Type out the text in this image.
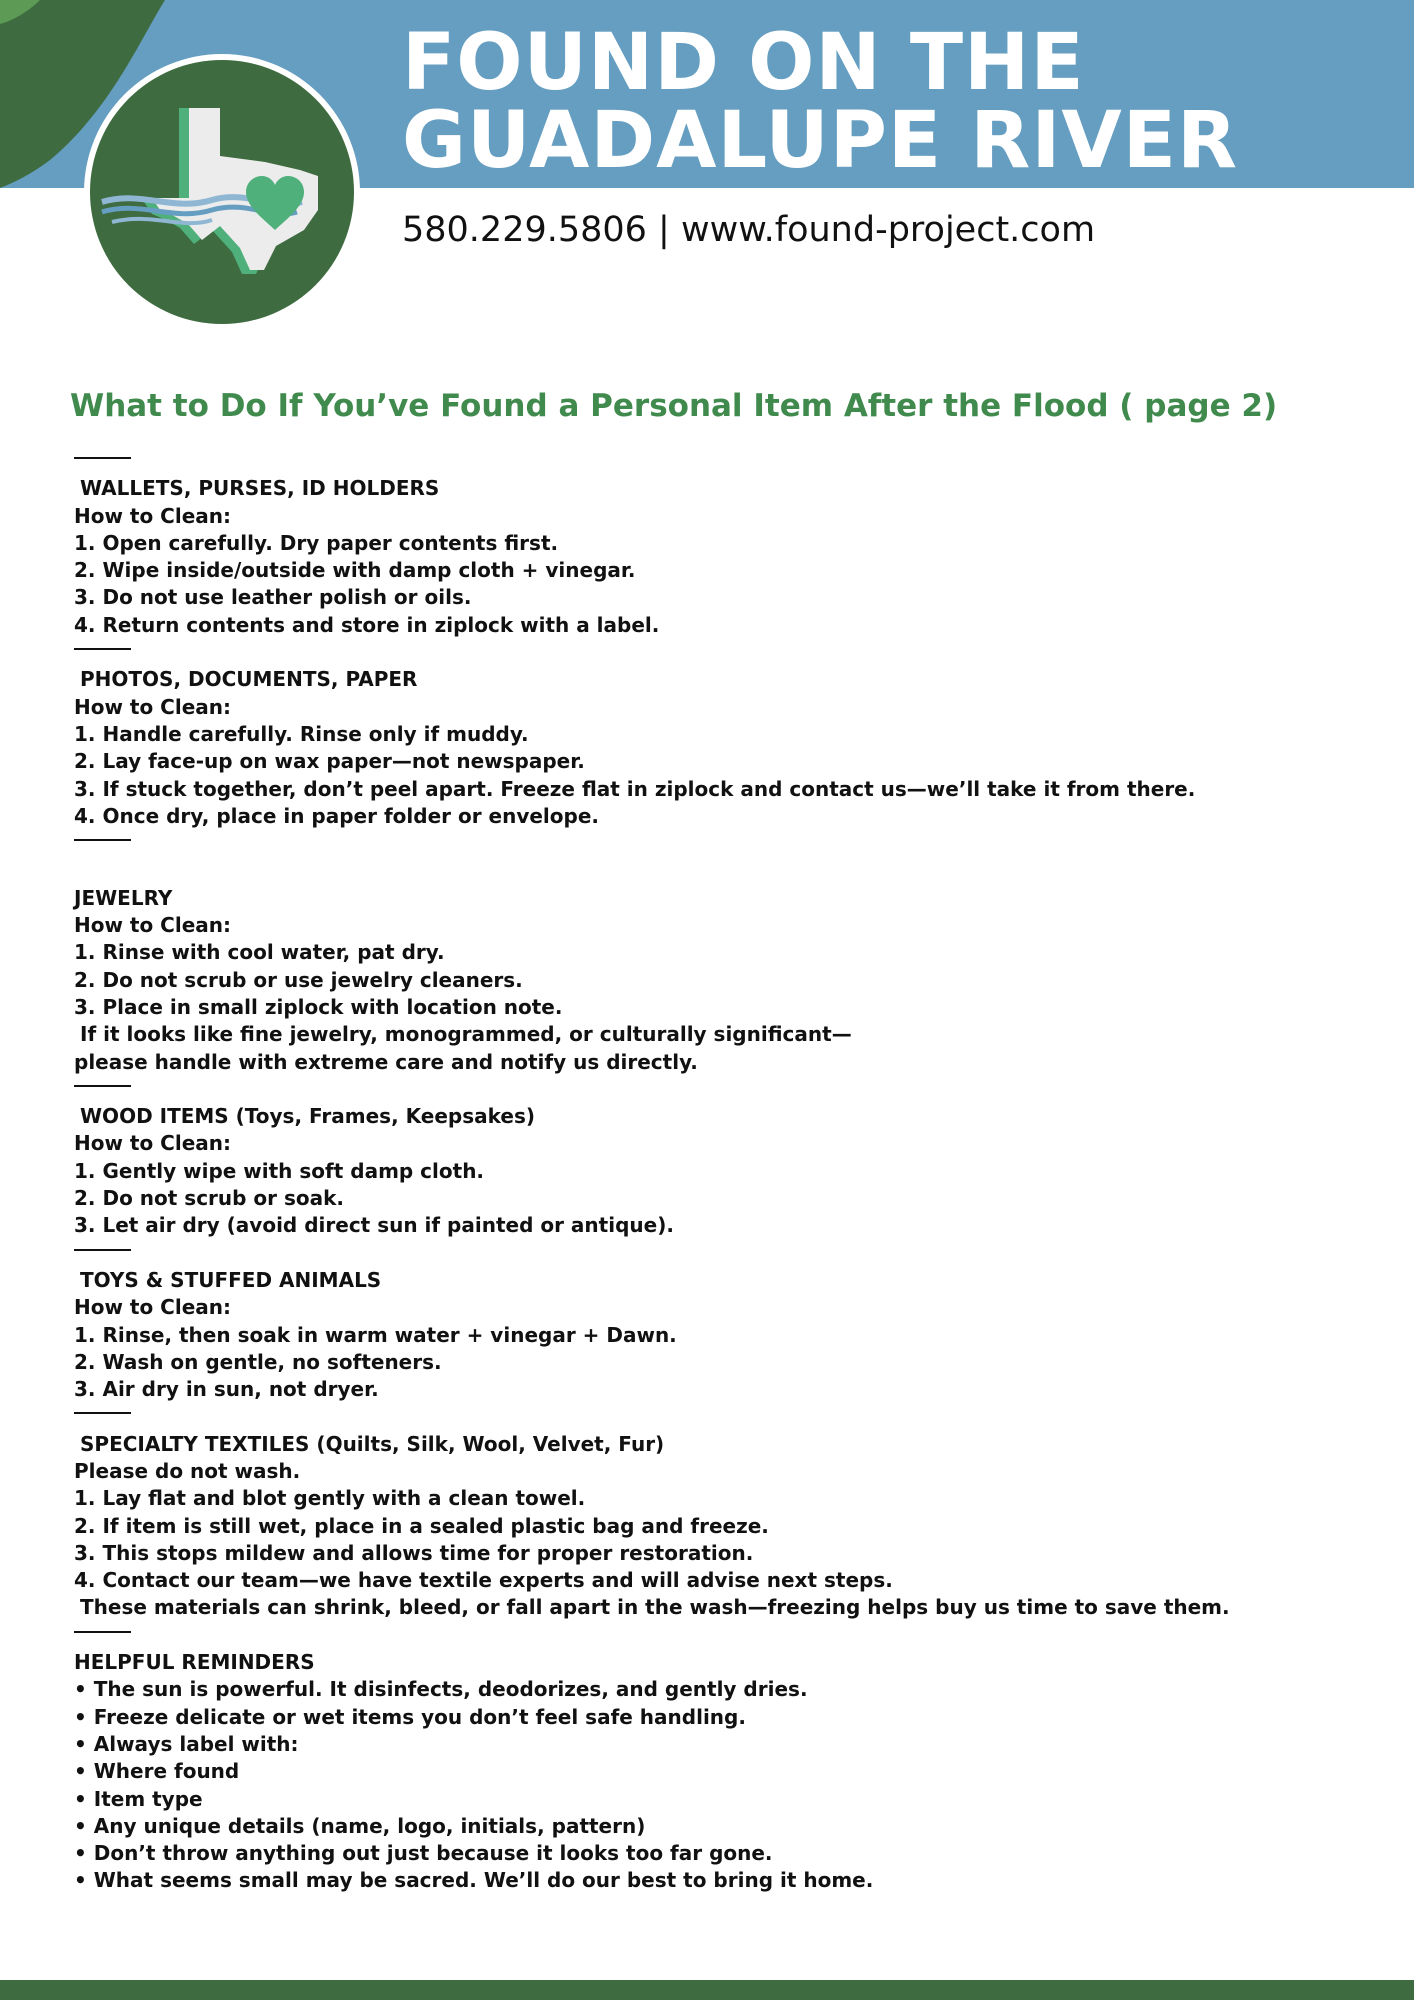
FOUND ON THE
GUADALUPE RIVER
580.229.5806 | www.found-project.com
What to Do If You’ve Found a Personal Item After the Flood ( page 2)
WALLETS, PURSES, ID HOLDERS
How to Clean:
1. Open carefully. Dry paper contents first.
2. Wipe inside/outside with damp cloth + vinegar.
3. Do not use leather polish or oils.
4. Return contents and store in ziplock with a label.
PHOTOS, DOCUMENTS, PAPER
How to Clean:
1. Handle carefully. Rinse only if muddy.
2. Lay face-up on wax paper—not newspaper.
3. If stuck together, don’t peel apart. Freeze flat in ziplock and contact us—we’ll take it from there.
4. Once dry, place in paper folder or envelope.
JEWELRY
How to Clean:
1. Rinse with cool water, pat dry.
2. Do not scrub or use jewelry cleaners.
3. Place in small ziplock with location note.
If it looks like fine jewelry, monogrammed, or culturally significant—
please handle with extreme care and notify us directly.
WOOD ITEMS (Toys, Frames, Keepsakes)
How to Clean:
1. Gently wipe with soft damp cloth.
2. Do not scrub or soak.
3. Let air dry (avoid direct sun if painted or antique).
TOYS & STUFFED ANIMALS
How to Clean:
1. Rinse, then soak in warm water + vinegar + Dawn.
2. Wash on gentle, no softeners.
3. Air dry in sun, not dryer.
SPECIALTY TEXTILES (Quilts, Silk, Wool, Velvet, Fur)
Please do not wash.
1. Lay flat and blot gently with a clean towel.
2. If item is still wet, place in a sealed plastic bag and freeze.
3. This stops mildew and allows time for proper restoration.
4. Contact our team—we have textile experts and will advise next steps.
These materials can shrink, bleed, or fall apart in the wash—freezing helps buy us time to save them.
HELPFUL REMINDERS
• The sun is powerful. It disinfects, deodorizes, and gently dries.
• Freeze delicate or wet items you don’t feel safe handling.
• Always label with:
• Where found
• Item type
• Any unique details (name, logo, initials, pattern)
• Don’t throw anything out just because it looks too far gone.
• What seems small may be sacred. We’ll do our best to bring it home.
